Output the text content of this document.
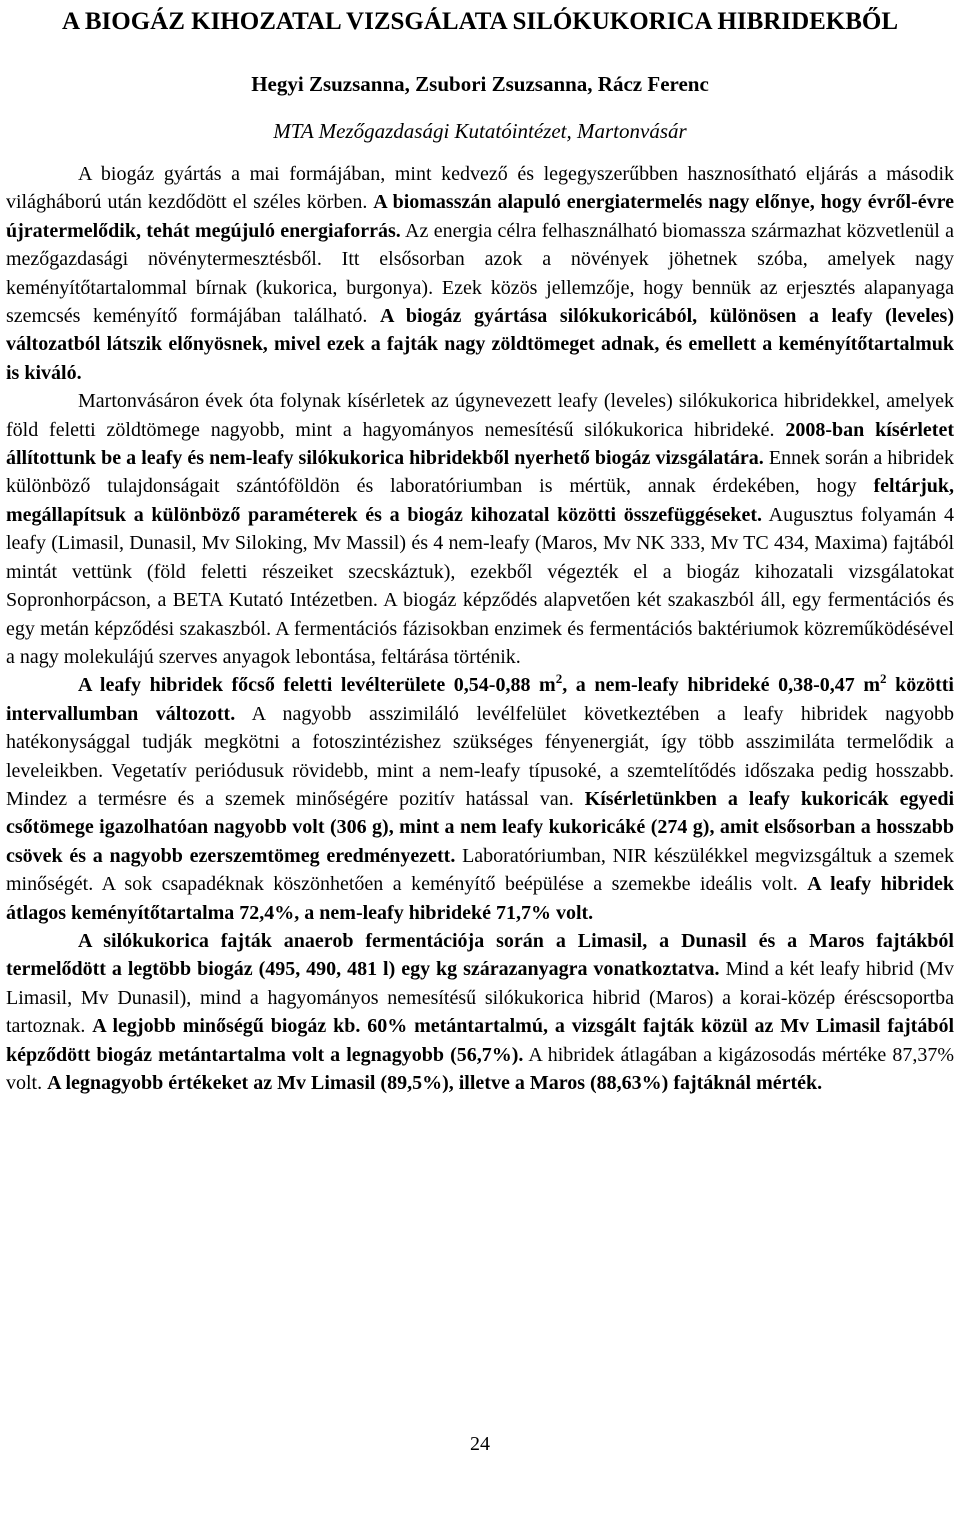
A BIOGÁZ KIHOZATAL VIZSGÁLATA SILÓKUKORICA HIBRIDEKBŐL
Hegyi Zsuzsanna, Zsubori Zsuzsanna, Rácz Ferenc
MTA Mezőgazdasági Kutatóintézet, Martonvásár

A biogáz gyártás a mai formájában, mint kedvező és legegyszerűbben hasznosítható eljárás a második világháború után kezdődött el széles körben. A biomasszán alapuló energiatermelés nagy előnye, hogy évről-évre újratermelődik, tehát megújuló energiaforrás. Az energia célra felhasználható biomassza származhat közvetlenül a mezőgazdasági növénytermesztésből. Itt elsősorban azok a növények jöhetnek szóba, amelyek nagy keményítőtartalommal bírnak (kukorica, burgonya). Ezek közös jellemzője, hogy bennük az erjesztés alapanyaga szemcsés keményítő formájában található. A biogáz gyártása silókukoricából, különösen a leafy (leveles) változatból látszik előnyösnek, mivel ezek a fajták nagy zöldtömeget adnak, és emellett a keményítőtartalmuk is kiváló.

Martonvásáron évek óta folynak kísérletek az úgynevezett leafy (leveles) silókukorica hibridekkel, amelyek föld feletti zöldtömege nagyobb, mint a hagyományos nemesítésű silókukorica hibrideké. 2008-ban kísérletet állítottunk be a leafy és nem-leafy silókukorica hibridekből nyerhető biogáz vizsgálatára. Ennek során a hibridek különböző tulajdonságait szántóföldön és laboratóriumban is mértük, annak érdekében, hogy feltárjuk, megállapítsuk a különböző paraméterek és a biogáz kihozatal közötti összefüggéseket. Augusztus folyamán 4 leafy (Limasil, Dunasil, Mv Siloking, Mv Massil) és 4 nem-leafy (Maros, Mv NK 333, Mv TC 434, Maxima) fajtából mintát vettünk (föld feletti részeiket szecskáztuk), ezekből végezték el a biogáz kihozatali vizsgálatokat Sopronhorpácson, a BETA Kutató Intézetben. A biogáz képződés alapvetően két szakaszból áll, egy fermentációs és egy metán képződési szakaszból. A fermentációs fázisokban enzimek és fermentációs baktériumok közreműködésével a nagy molekulájú szerves anyagok lebontása, feltárása történik.

A leafy hibridek főcső feletti levélterülete 0,54-0,88 $m^2$, a nem-leafy hibrideké 0,38-0,47 $m^2$ közötti intervallumban változott. A nagyobb asszimiláló levélfelület következtében a leafy hibridek nagyobb hatékonysággal tudják megkötni a fotoszintézishez szükséges fényenergiát, így több asszimiláta termelődik a leveleikben. Vegetatív periódusuk rövidebb, mint a nem-leafy típusoké, a szemtelítődés időszaka pedig hosszabb. Mindez a termésre és a szemek minőségére pozitív hatással van. Kísérletünkben a leafy kukoricák egyedi csőtömege igazolhatóan nagyobb volt (306 g), mint a nem leafy kukoricáké (274 g), amit elsősorban a hosszabb csövek és a nagyobb ezerszemtömeg eredményezett. Laboratóriumban, NIR készülékkel megvizsgáltuk a szemek minőségét. A sok csapadéknak köszönhetően a keményítő beépülése a szemekbe ideális volt. A leafy hibridek átlagos keményítőtartalma 72,4%, a nem-leafy hibrideké 71,7% volt.

A silókukorica fajták anaerob fermentációja során a Limasil, a Dunasil és a Maros fajtákból termelődött a legtöbb biogáz (495, 490, 481 l) egy kg szárazanyagra vonatkoztatva. Mind a két leafy hibrid (Mv Limasil, Mv Dunasil), mind a hagyományos nemesítésű silókukorica hibrid (Maros) a korai-közép éréscsoportba tartoznak. A legjobb minőségű biogáz kb. 60% metántartalmú, a vizsgált fajták közül az Mv Limasil fajtából képződött biogáz metántartalma volt a legnagyobb (56,7%). A hibridek átlagában a kigázosodás mértéke 87,37% volt. A legnagyobb értékeket az Mv Limasil (89,5%), illetve a Maros (88,63%) fajtáknál mérték.

24
